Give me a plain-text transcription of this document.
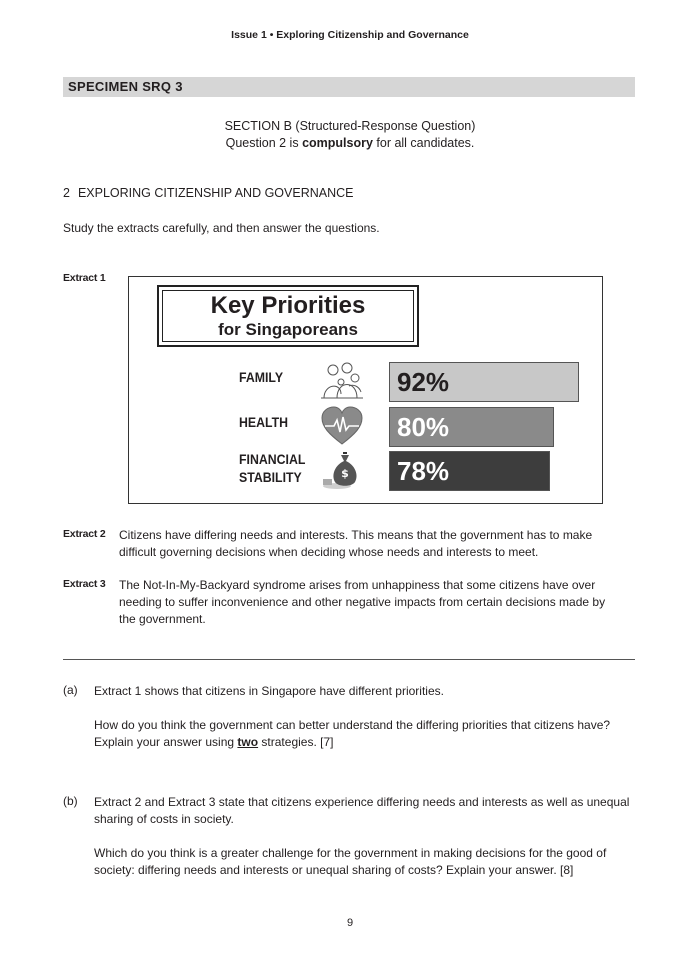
Issue 1 • Exploring Citizenship and Governance
SPECIMEN SRQ 3
SECTION B (Structured-Response Question)
Question 2 is compulsory for all candidates.
2 EXPLORING CITIZENSHIP AND GOVERNANCE
Study the extracts carefully, and then answer the questions.
Extract 1
Key Priorities
for Singaporeans
FAMILY	92%
HEALTH	80%
FINANCIAL
STABILITY	$ 78%
Extract 2 Citizens have differing needs and interests. This means that the government has to make
difficult governing decisions when deciding whose needs and interests to meet.
Extract 3 The Not-In-My-Backyard syndrome arises from unhappiness that some citizens have over
needing to suffer inconvenience and other negative impacts from certain decisions made by
the government.
(a) Extract 1 shows that citizens in Singapore have different priorities.
How do you think the government can better understand the differing priorities that citizens have?
Explain your answer using two strategies. [7]
(b) Extract 2 and Extract 3 state that citizens experience differing needs and interests as well as unequal
sharing of costs in society.
Which do you think is a greater challenge for the government in making decisions for the good of
society: differing needs and interests or unequal sharing of costs? Explain your answer. [8]
9
